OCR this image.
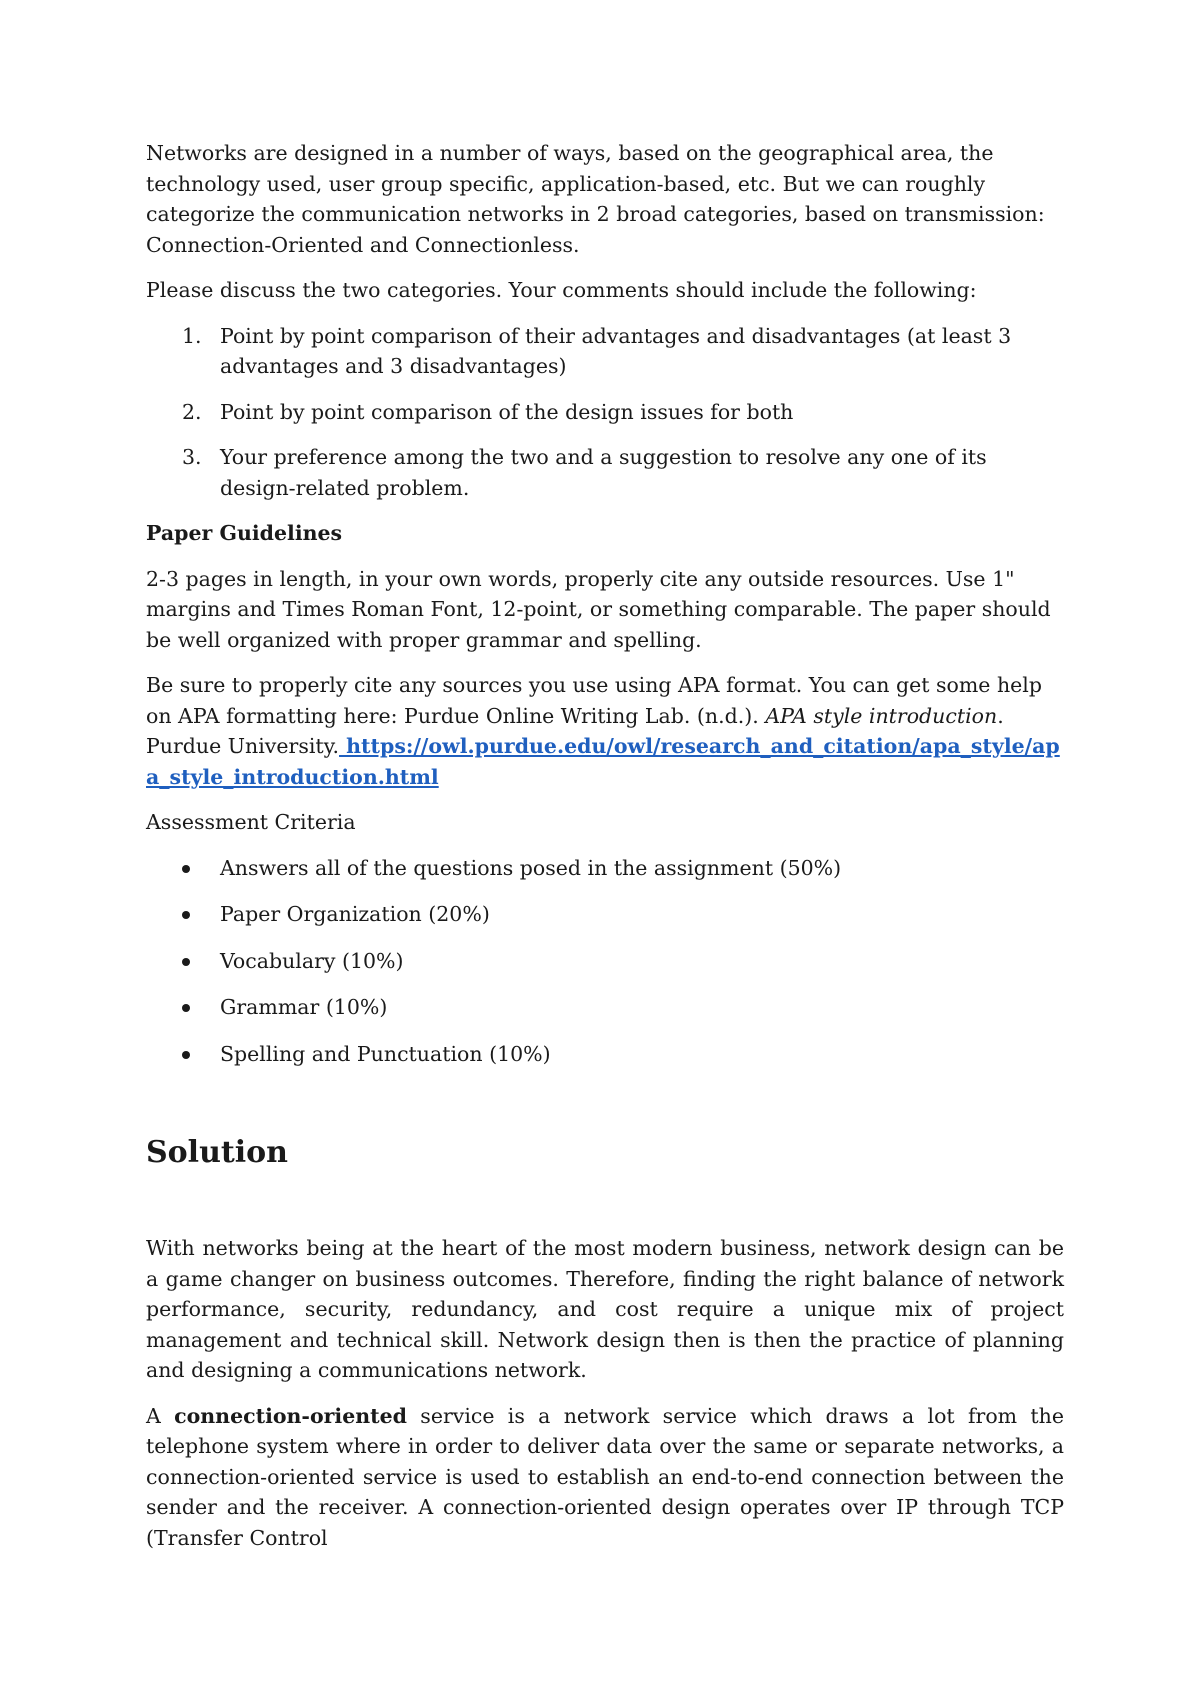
Networks are designed in a number of ways, based on the geographical area, the technology used, user group specific, application-based, etc. But we can roughly categorize the communication networks in 2 broad categories, based on transmission: Connection-Oriented and Connectionless.

Please discuss the two categories. Your comments should include the following:

1. Point by point comparison of their advantages and disadvantages (at least 3 advantages and 3 disadvantages)
2. Point by point comparison of the design issues for both
3. Your preference among the two and a suggestion to resolve any one of its design-related problem.

Paper Guidelines

2-3 pages in length, in your own words, properly cite any outside resources. Use 1" margins and Times Roman Font, 12-point, or something comparable. The paper should be well organized with proper grammar and spelling.

Be sure to properly cite any sources you use using APA format. You can get some help on APA formatting here: Purdue Online Writing Lab. (n.d.). APA style introduction. Purdue University. https://owl.purdue.edu/owl/research_and_citation/apa_style/apa_style_introduction.html

Assessment Criteria

Answers all of the questions posed in the assignment (50%)
Paper Organization (20%)
Vocabulary (10%)
Grammar (10%)
Spelling and Punctuation (10%)
Solution

With networks being at the heart of the most modern business, network design can be a game changer on business outcomes. Therefore, finding the right balance of network performance, security, redundancy, and cost require a unique mix of project management and technical skill. Network design then is then the practice of planning and designing a communications network.

A connection-oriented service is a network service which draws a lot from the telephone system where in order to deliver data over the same or separate networks, a connection-oriented service is used to establish an end-to-end connection between the sender and the receiver. A connection-oriented design operates over IP through TCP (Transfer Control
